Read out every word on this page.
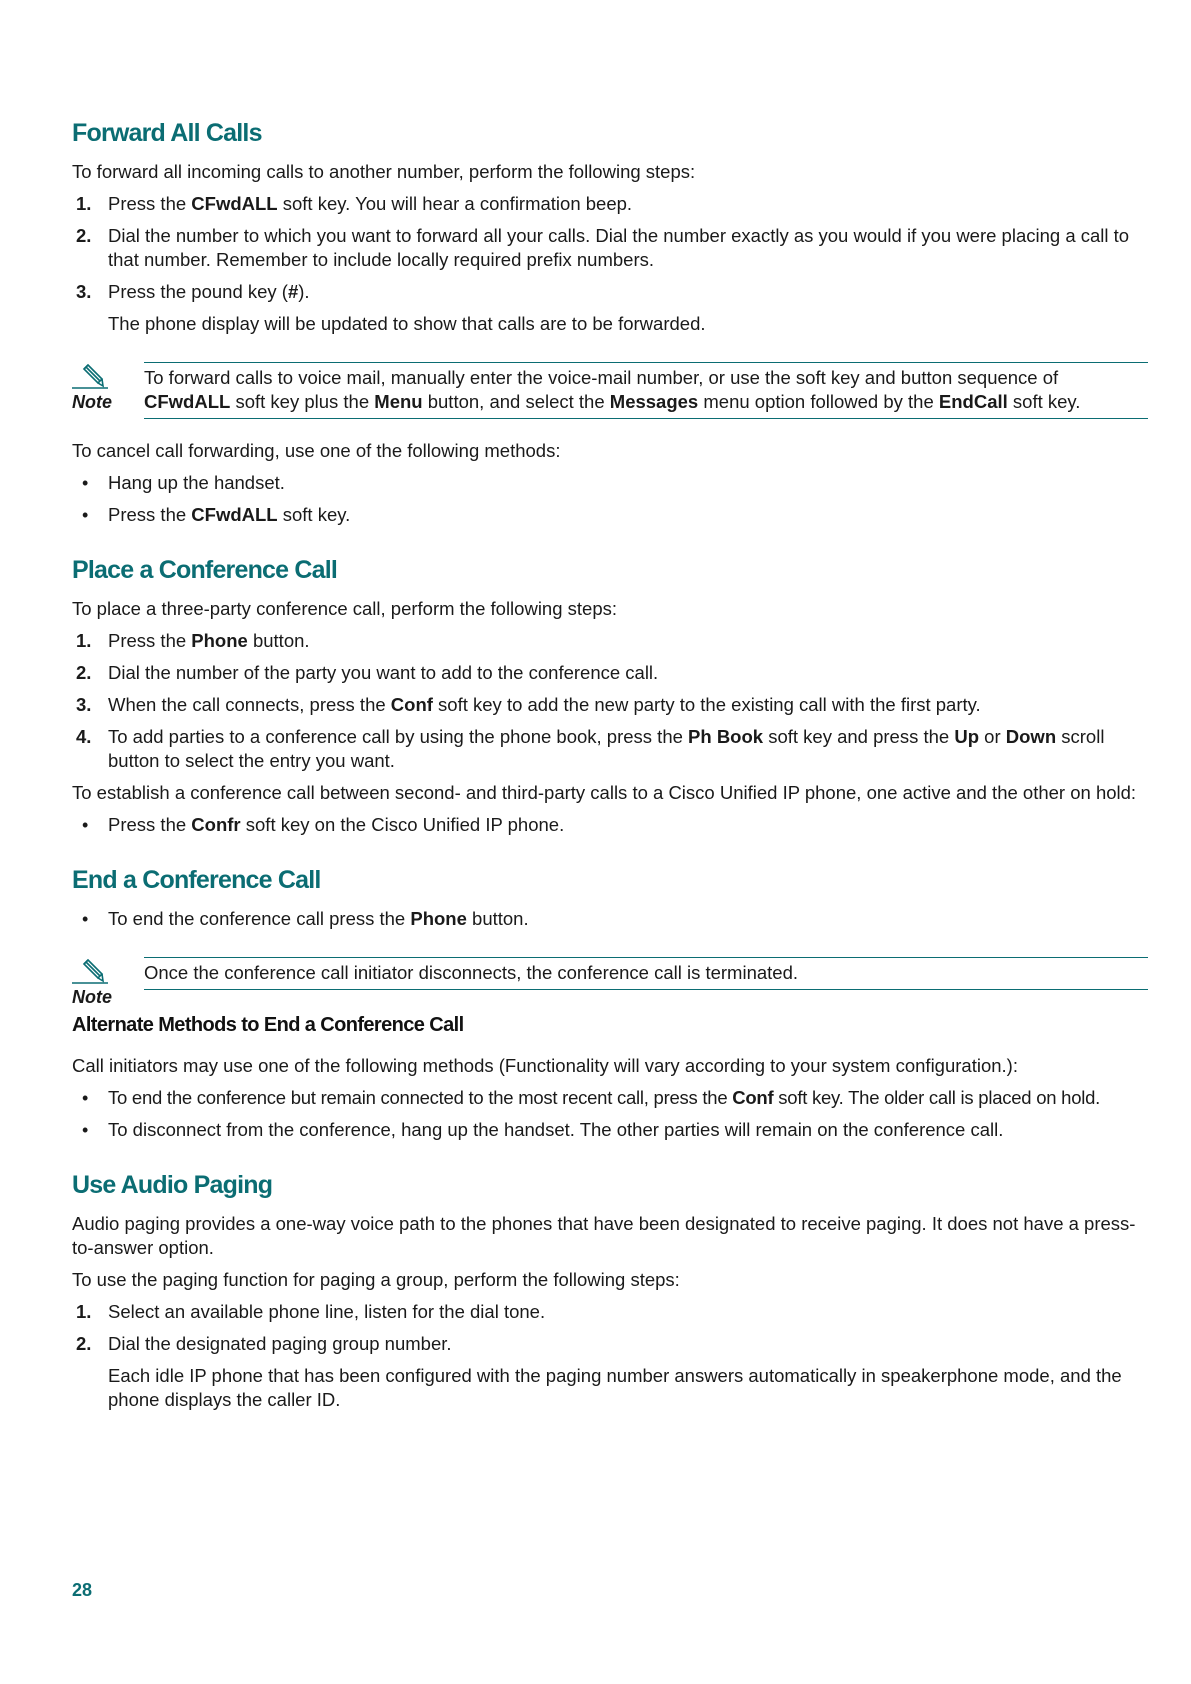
Forward All Calls

To forward all incoming calls to another number, perform the following steps:

1. Press the CFwdALL soft key. You will hear a confirmation beep.
2. Dial the number to which you want to forward all your calls. Dial the number exactly as you would if you were placing a call to that number. Remember to include locally required prefix numbers.
3. Press the pound key (#).

The phone display will be updated to show that calls are to be forwarded.

Note
To forward calls to voice mail, manually enter the voice-mail number, or use the soft key and button sequence of CFwdALL soft key plus the Menu button, and select the Messages menu option followed by the EndCall soft key.

To cancel call forwarding, use one of the following methods:

•	Hang up the handset.
•	Press the CFwdALL soft key.
Place a Conference Call

To place a three-party conference call, perform the following steps:

1. Press the Phone button.
2. Dial the number of the party you want to add to the conference call.
3. When the call connects, press the Conf soft key to add the new party to the existing call with the first party.
4. To add parties to a conference call by using the phone book, press the Ph Book soft key and press the Up or Down scroll button to select the entry you want.

To establish a conference call between second- and third-party calls to a Cisco Unified IP phone, one active and the other on hold:

•	Press the Confr soft key on the Cisco Unified IP phone.
End a Conference Call
•	To end the conference call press the Phone button.
Note
Once the conference call initiator disconnects, the conference call is terminated.
Alternate Methods to End a Conference Call

Call initiators may use one of the following methods (Functionality will vary according to your system configuration.):

•	To end the conference but remain connected to the most recent call, press the Conf soft key. The older call is placed on hold.
•	To disconnect from the conference, hang up the handset. The other parties will remain on the conference call.
Use Audio Paging

Audio paging provides a one-way voice path to the phones that have been designated to receive paging. It does not have a press-to-answer option.

To use the paging function for paging a group, perform the following steps:

1. Select an available phone line, listen for the dial tone.
2. Dial the designated paging group number.

Each idle IP phone that has been configured with the paging number answers automatically in speakerphone mode, and the phone displays the caller ID.

28
